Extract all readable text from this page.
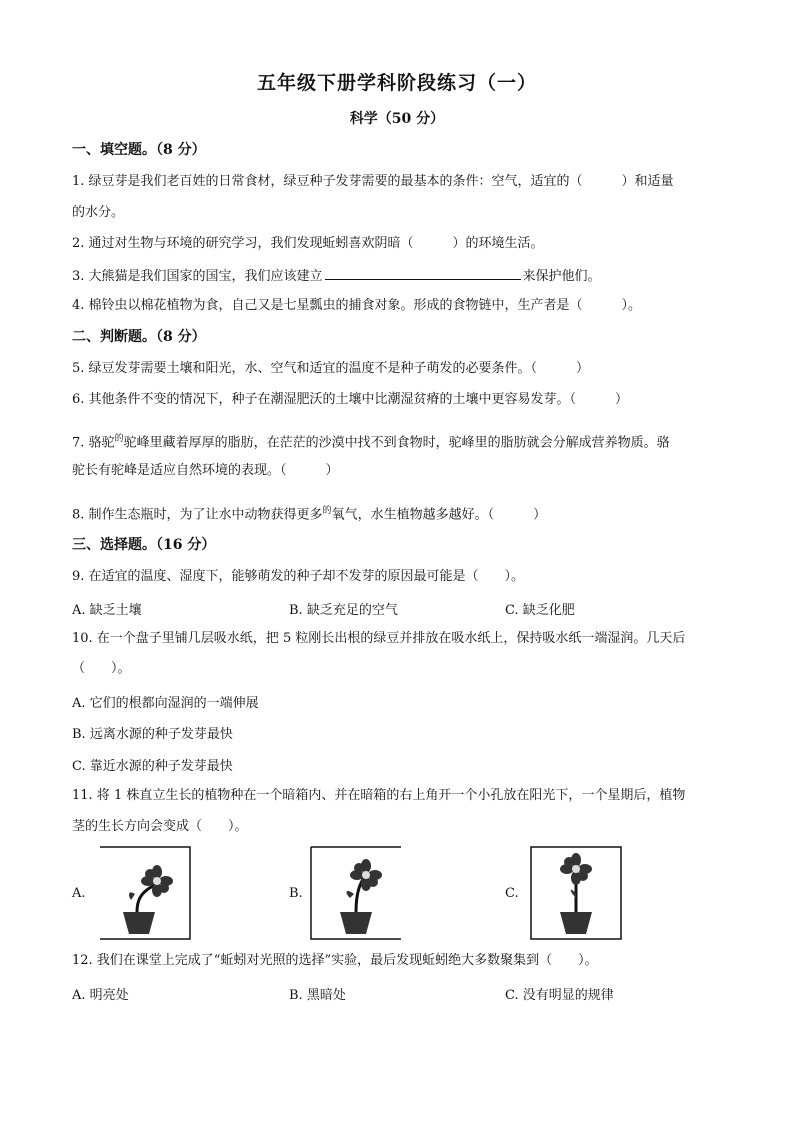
五年级下册学科阶段练习（一）
科学（50 分）
一、填空题。（8 分）
1. 绿豆芽是我们老百姓的日常食材，绿豆种子发芽需要的最基本的条件：空气，适宜的（　　　）和适量
的水分。
2. 通过对生物与环境的研究学习，我们发现蚯蚓喜欢阴暗（　　　）的环境生活。
3. 大熊猫是我们国家的国宝，我们应该建立	来保护他们。
4. 棉铃虫以棉花植物为食，自己又是七星瓢虫的捕食对象。形成的食物链中，生产者是（　　　）。
二、判断题。（8 分）
5. 绿豆发芽需要土壤和阳光，水、空气和适宜的温度不是种子萌发的必要条件。（　　　）
6. 其他条件不变的情况下，种子在潮湿肥沃的土壤中比潮湿贫瘠的土壤中更容易发芽。（　　　）
7. 骆驼$^的$驼峰里藏着厚厚的脂肪，在茫茫的沙漠中找不到食物时，驼峰里的脂肪就会分解成营养物质。骆
驼长有驼峰是适应自然环境的表现。（　　　）
8. 制作生态瓶时，为了让水中动物获得更多$^的$氧气，水生植物越多越好。（　　　）
三、选择题。（16 分）
9. 在适宜的温度、湿度下，能够萌发的种子却不发芽的原因最可能是（　　）。
A. 缺乏土壤	B. 缺乏充足的空气	C. 缺乏化肥
10. 在一个盘子里铺几层吸水纸，把 5 粒刚长出根的绿豆并排放在吸水纸上，保持吸水纸一端湿润。几天后
（　　）。
A. 它们的根都向湿润的一端伸展
B. 远离水源的种子发芽最快
C. 靠近水源的种子发芽最快
11. 将 1 株直立生长的植物种在一个暗箱内、并在暗箱的右上角开一个小孔放在阳光下，一个星期后，植物
茎的生长方向会变成（　　）。
A.	B.	C.
12. 我们在课堂上完成了“蚯蚓对光照的选择”实验，最后发现蚯蚓绝大多数聚集到（　　）。
A. 明亮处	B. 黑暗处	C. 没有明显的规律
